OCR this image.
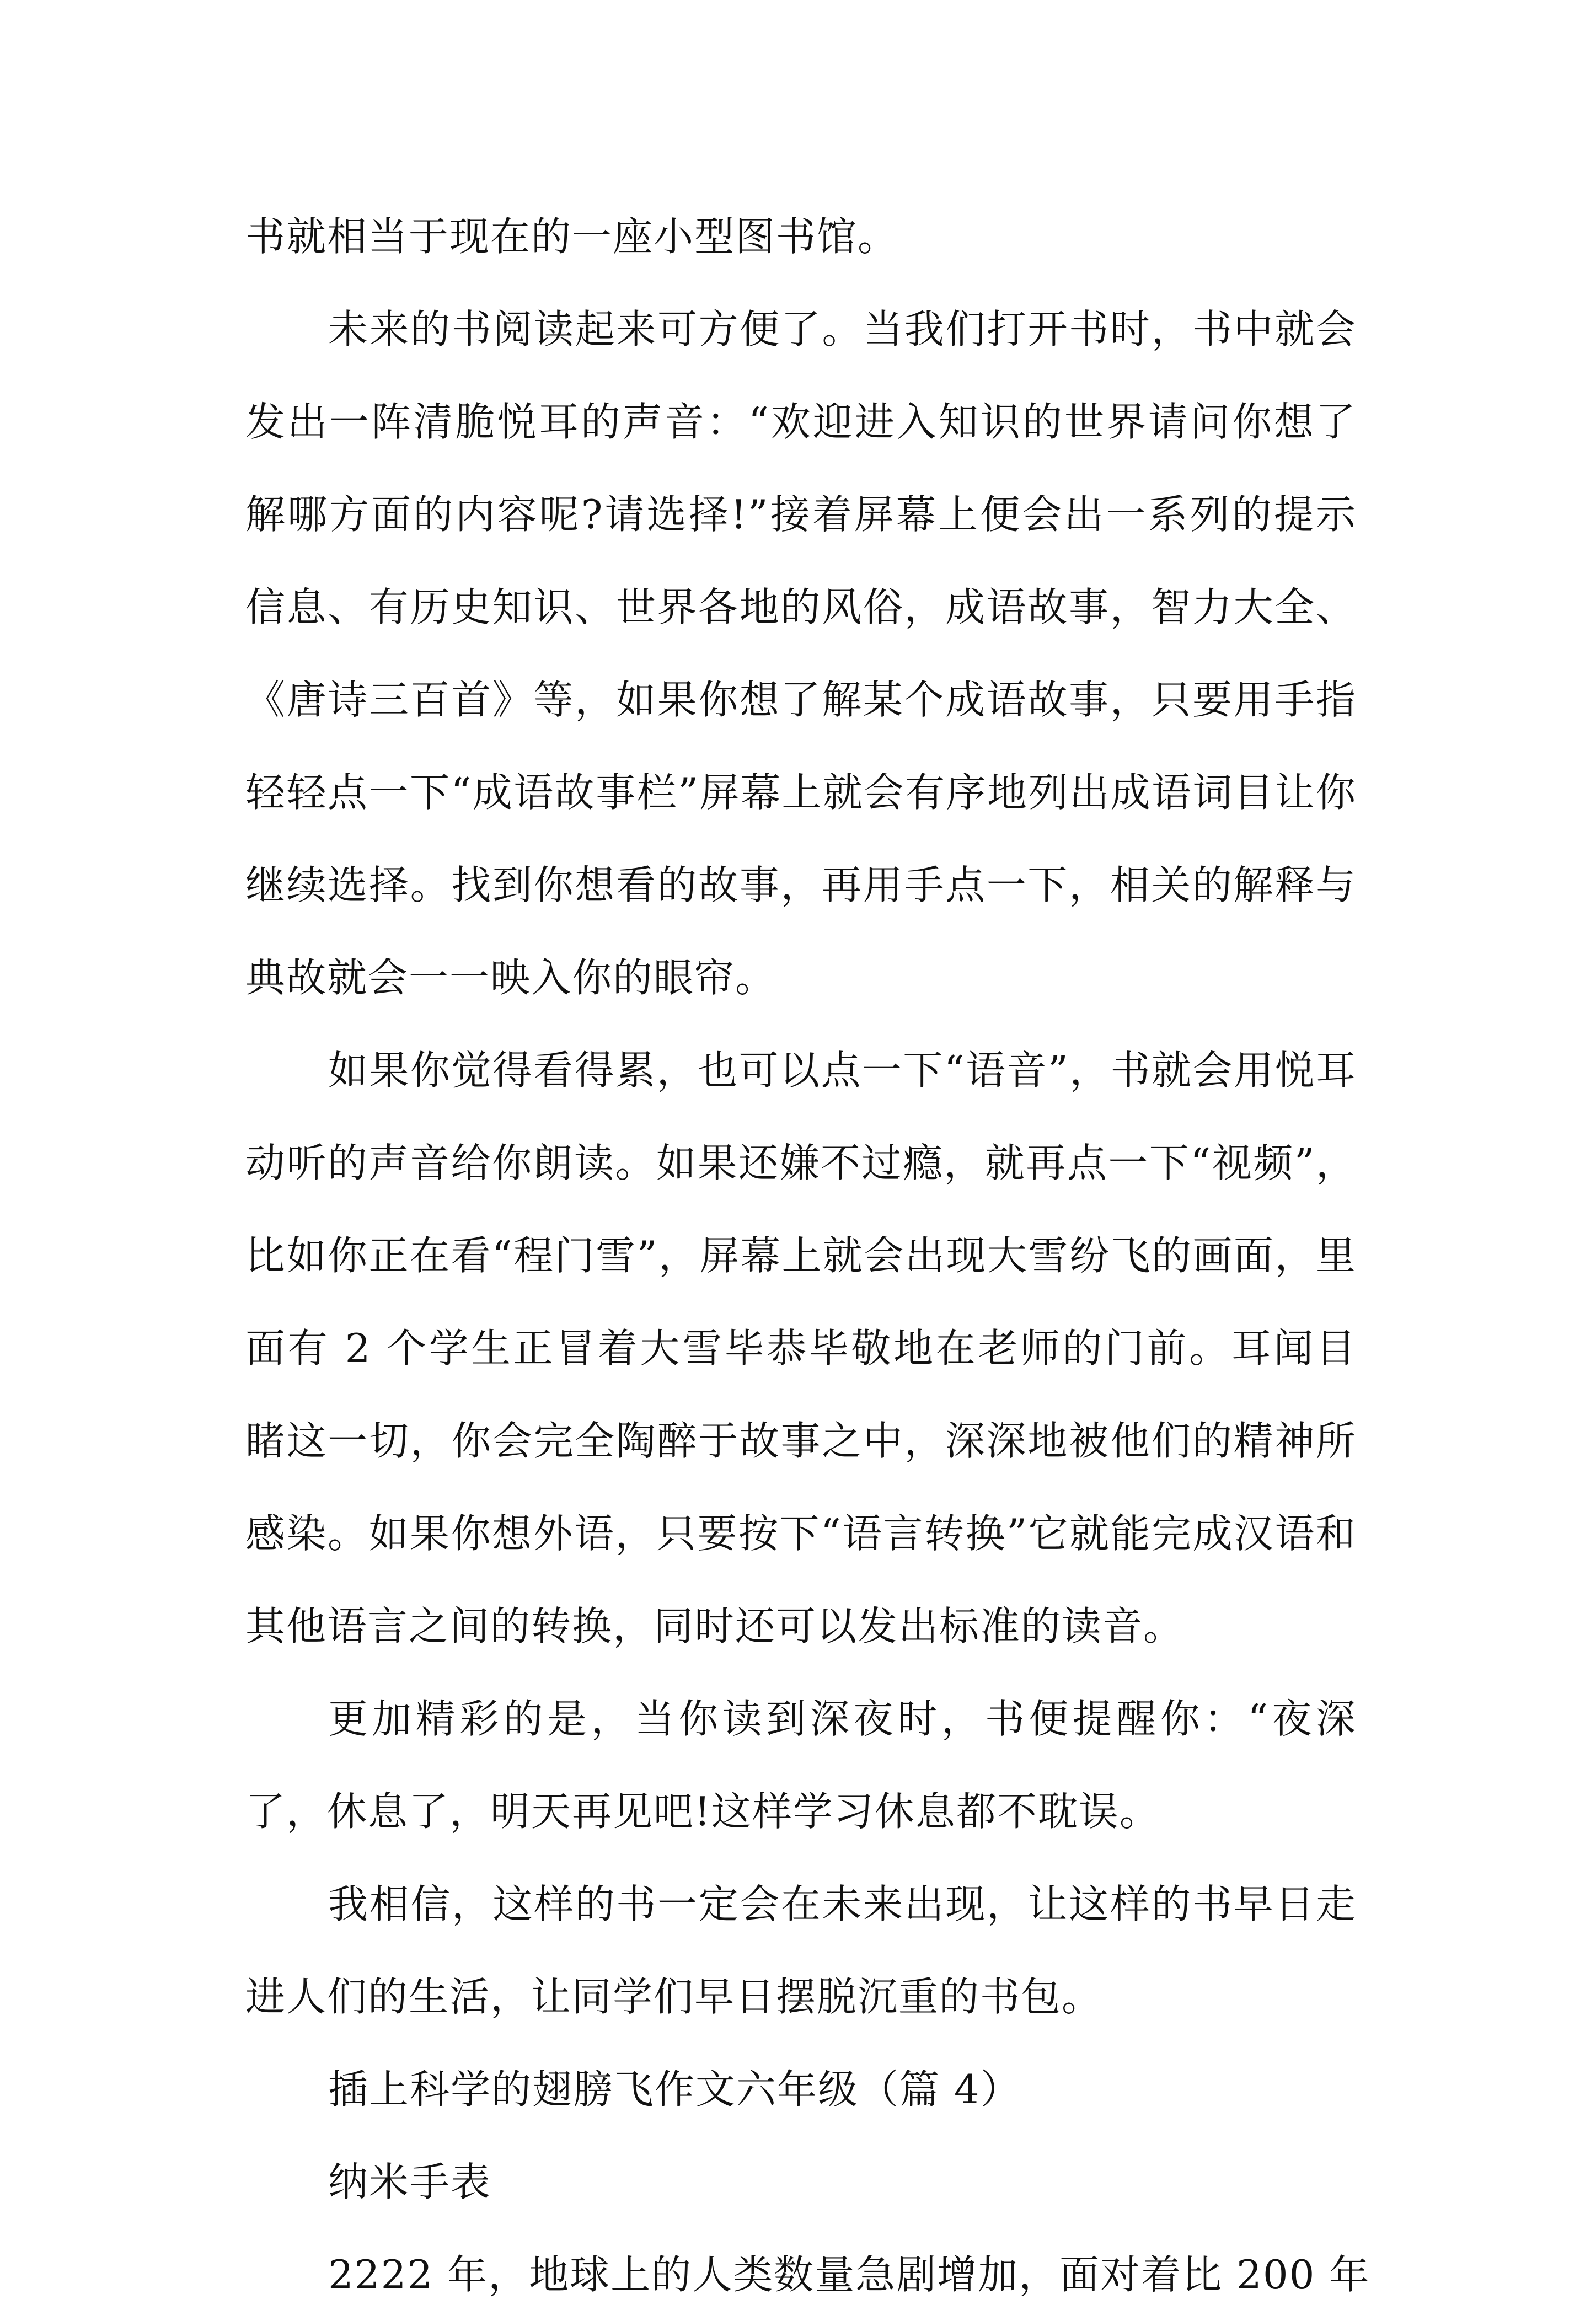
书就相当于现在的一座小型图书馆。

未来的书阅读起来可方便了。当我们打开书时，书中就会发出一阵清脆悦耳的声音：“欢迎进入知识的世界请问你想了解哪方面的内容呢?请选择!”接着屏幕上便会出一系列的提示信息、有历史知识、世界各地的风俗，成语故事，智力大全、《唐诗三百首》等，如果你想了解某个成语故事，只要用手指轻轻点一下“成语故事栏”屏幕上就会有序地列出成语词目让你继续选择。找到你想看的故事，再用手点一下，相关的解释与典故就会一一映入你的眼帘。

如果你觉得看得累，也可以点一下“语音”，书就会用悦耳动听的声音给你朗读。如果还嫌不过瘾，就再点一下“视频”，比如你正在看“程门雪”，屏幕上就会出现大雪纷飞的画面，里面有 2 个学生正冒着大雪毕恭毕敬地在老师的门前。耳闻目睹这一切，你会完全陶醉于故事之中，深深地被他们的精神所感染。如果你想外语，只要按下“语言转换”它就能完成汉语和其他语言之间的转换，同时还可以发出标准的读音。

更加精彩的是，当你读到深夜时，书便提醒你：“夜深了，休息了，明天再见吧!这样学习休息都不耽误。

我相信，这样的书一定会在未来出现，让这样的书早日走进人们的生活，让同学们早日摆脱沉重的书包。

插上科学的翅膀飞作文六年级（篇 4）

纳米手表

2222 年，地球上的人类数量急剧增加，面对着比 200 年
